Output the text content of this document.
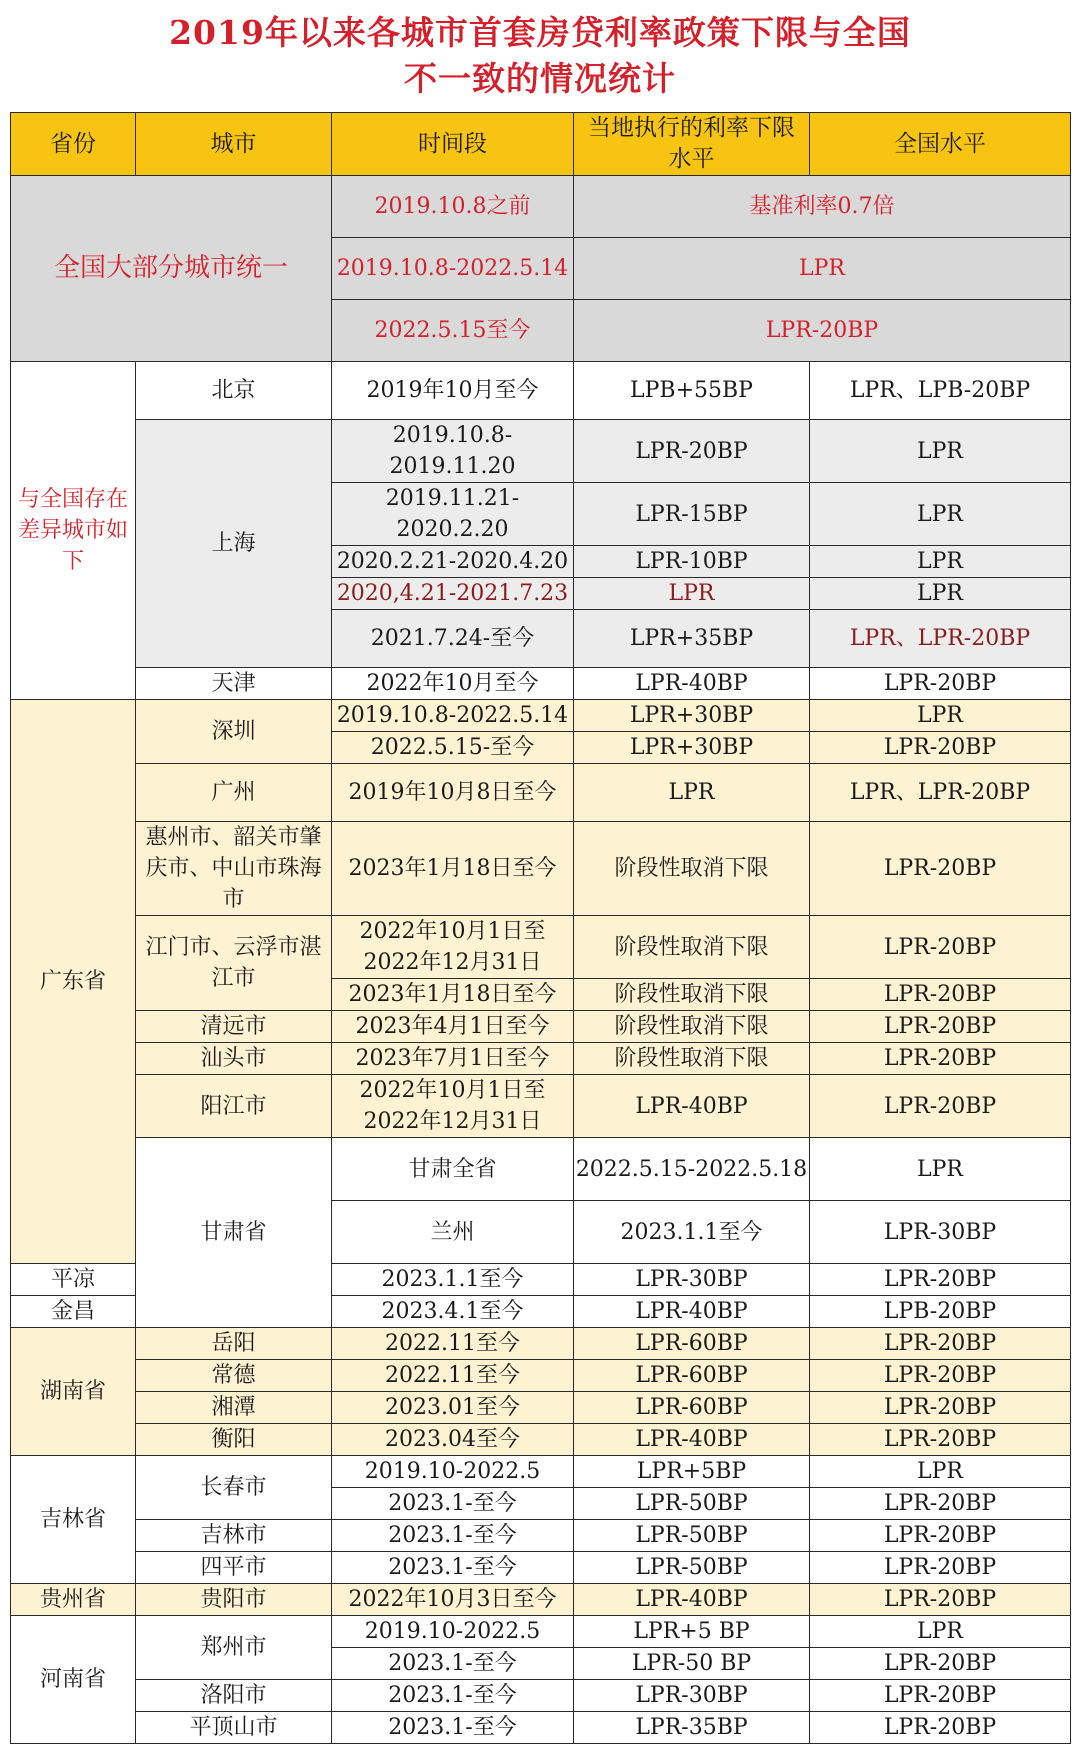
2019年以来各城市首套房贷利率政策下限与全国
不一致的情况统计
省份	城市	时间段	当地执行的利率下限水平	全国水平	
全国大部分城市统一		2019.10.8之前	基准利率0.7倍		
		2019.10.8-2022.5.14	LPR		
		2022.5.15至今	LPR-20BP		
与全国存在差异城市如下	北京	2019年10月至今	LPB+55BP	LPR、LPB-20BP	
	上海	2019.10.8-2019.11.20	LPR-20BP	LPR	
		2019.11.21-2020.2.20	LPR-15BP	LPR	
		2020.2.21-2020.4.20	LPR-10BP	LPR	
		2020,4.21-2021.7.23	LPR	LPR	
		2021.7.24-至今	LPR+35BP	LPR、LPR-20BP	
	天津	2022年10月至今	LPR-40BP	LPR-20BP	
广东省	深圳	2019.10.8-2022.5.14	LPR+30BP	LPR	
		2022.5.15-至今	LPR+30BP	LPR-20BP	
	广州	2019年10月8日至今	LPR	LPR、LPR-20BP	
	惠州市、韶关市肇庆市、中山市珠海市	2023年1月18日至今	阶段性取消下限	LPR-20BP	
	江门市、云浮市湛江市	2022年10月1日至2022年12月31日	阶段性取消下限	LPR-20BP	
		2023年1月18日至今	阶段性取消下限	LPR-20BP	
	清远市	2023年4月1日至今	阶段性取消下限	LPR-20BP	
	汕头市	2023年7月1日至今	阶段性取消下限	LPR-20BP	
	阳江市	2022年10月1日至2022年12月31日	LPR-40BP	LPR-20BP	
	甘肃省	甘肃全省	2022.5.15-2022.5.18	LPR	
		兰州	2023.1.1至今	LPR-30BP	
平凉		2023.1.1至今	LPR-30BP	LPR-20BP	
金昌		2023.4.1至今	LPR-40BP	LPB-20BP	
湖南省	岳阳	2022.11至今	LPR-60BP	LPR-20BP	
	常德	2022.11至今	LPR-60BP	LPR-20BP	
	湘潭	2023.01至今	LPR-60BP	LPR-20BP	
	衡阳	2023.04至今	LPR-40BP	LPR-20BP	
吉林省	长春市	2019.10-2022.5	LPR+5BP	LPR	
		2023.1-至今	LPR-50BP	LPR-20BP	
	吉林市	2023.1-至今	LPR-50BP	LPR-20BP	
	四平市	2023.1-至今	LPR-50BP	LPR-20BP	
贵州省	贵阳市	2022年10月3日至今	LPR-40BP	LPR-20BP	
河南省	郑州市	2019.10-2022.5	LPR+5 BP	LPR	
		2023.1-至今	LPR-50 BP	LPR-20BP	
	洛阳市	2023.1-至今	LPR-30BP	LPR-20BP	
	平顶山市	2023.1-至今	LPR-35BP	LPR-20BP	
